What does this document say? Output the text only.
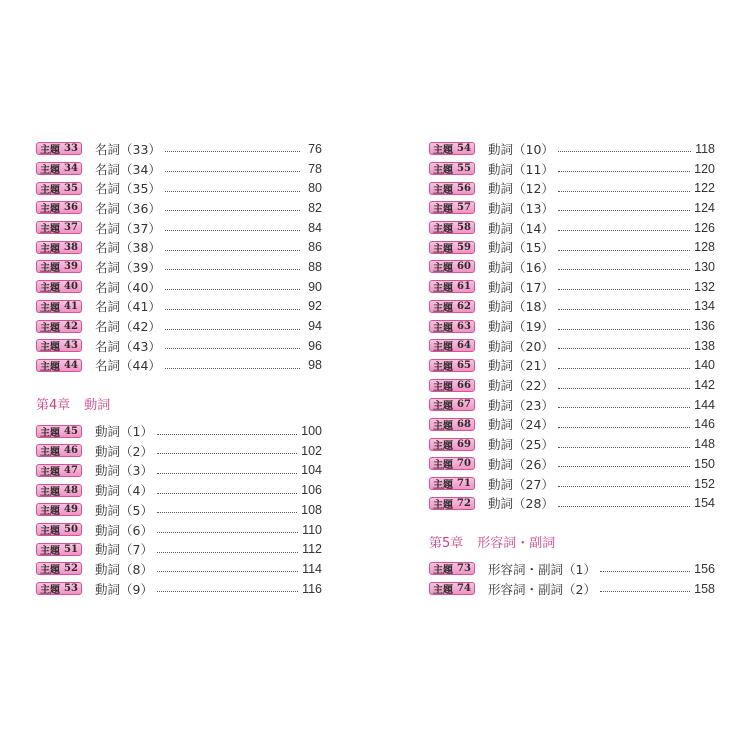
主題 33 名詞（33）	76
主題 34 名詞（34）	78
主題 35 名詞（35）	80
主題 36 名詞（36）	82
主題 37 名詞（37）	84
主題 38 名詞（38）	86
主題 39 名詞（39）	88
主題 40 名詞（40）	90
主題 41 名詞（41）	92
主題 42 名詞（42）	94
主題 43 名詞（43）	96
主題 44 名詞（44）	98
第4章 動詞
主題 45 動詞（1）	100
主題 46 動詞（2）	102
主題 47 動詞（3）	104
主題 48 動詞（4）	106
主題 49 動詞（5）	108
主題 50 動詞（6）	110
主題 51 動詞（7）	112
主題 52 動詞（8）	114
主題 53 動詞（9）	116
主題 54 動詞（10）	118
主題 55 動詞（11）	120
主題 56 動詞（12）	122
主題 57 動詞（13）	124
主題 58 動詞（14）	126
主題 59 動詞（15）	128
主題 60 動詞（16）	130
主題 61 動詞（17）	132
主題 62 動詞（18）	134
主題 63 動詞（19）	136
主題 64 動詞（20）	138
主題 65 動詞（21）	140
主題 66 動詞（22）	142
主題 67 動詞（23）	144
主題 68 動詞（24）	146
主題 69 動詞（25）	148
主題 70 動詞（26）	150
主題 71 動詞（27）	152
主題 72 動詞（28）	154
第5章 形容詞・副詞
主題 73 形容詞・副詞（1）	156
主題 74 形容詞・副詞（2）	158
